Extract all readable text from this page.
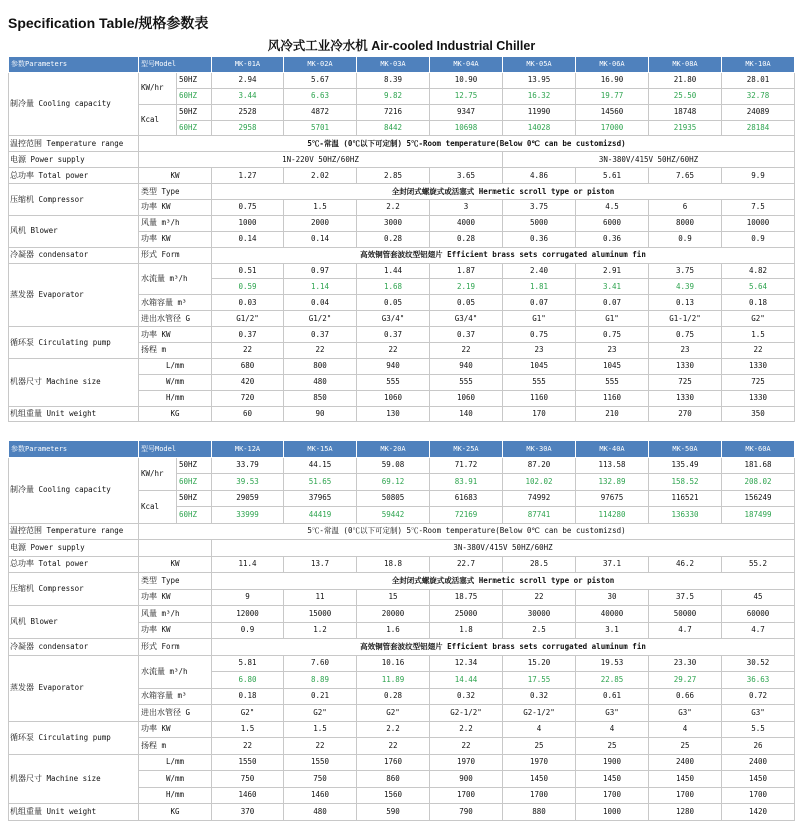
Specification Table/规格参数表
风冷式工业冷水机 Air-cooled Industrial Chiller										
参数Parameters	型号Model		MK-01A	MK-02A	MK-03A	MK-04A	MK-05A	MK-06A	MK-08A	MK-10A
制冷量 Cooling capacity	KW/hr	50HZ	2.94	5.67	8.39	10.90	13.95	16.90	21.80	28.01
		60HZ	3.44	6.63	9.82	12.75	16.32	19.77	25.50	32.78
	Kcal	50HZ	2528	4872	7216	9347	11990	14560	18748	24089
		60HZ	2958	5701	8442	10698	14028	17000	21935	28184
温控范围 Temperature range	5℃-常温 (0℃以下可定制) 5℃-Room temperature(Below 0℃ can be customizsd)									
电源 Power supply	1N-220V 50HZ/60HZ						3N-380V/415V 50HZ/60HZ			
总功率 Total power	KW		1.27	2.02	2.85	3.65	4.86	5.61	7.65	9.9
压缩机 Compressor	类型 Type		全封闭式螺旋式或活塞式 Hermetic scroll type or piston							
	功率 KW		0.75	1.5	2.2	3	3.75	4.5	6	7.5
风机 Blower	风量 m³/h		1000	2000	3000	4000	5000	6000	8000	10000
	功率 KW		0.14	0.14	0.28	0.28	0.36	0.36	0.9	0.9
冷凝器 condensator	形式 Form		高效铜管套波纹型铝翅片 Efficient brass sets corrugated aluminum fin							
蒸发器 Evaporator	水流量 m³/h		0.51	0.97	1.44	1.87	2.40	2.91	3.75	4.82
			0.59	1.14	1.68	2.19	1.81	3.41	4.39	5.64
	水箱容量 m³		0.03	0.04	0.05	0.05	0.07	0.07	0.13	0.18
	进出水管径 G		G1/2"	G1/2"	G3/4"	G3/4"	G1"	G1"	G1-1/2"	G2"
循环泵 Circulating pump	功率 KW		0.37	0.37	0.37	0.37	0.75	0.75	0.75	1.5
	扬程 m		22	22	22	22	23	23	23	22
机器尺寸 Machine size	L/mm		680	800	940	940	1045	1045	1330	1330
	W/mm		420	480	555	555	555	555	725	725
	H/mm		720	850	1060	1060	1160	1160	1330	1330
机组重量 Unit weight	KG		60	90	130	140	170	210	270	350
参数Parameters	型号Model		MK-12A	MK-15A	MK-20A	MK-25A	MK-30A	MK-40A	MK-50A	MK-60A
制冷量 Cooling capacity	KW/hr	50HZ	33.79	44.15	59.08	71.72	87.20	113.58	135.49	181.68
		60HZ	39.53	51.65	69.12	83.91	102.02	132.89	158.52	208.02
	Kcal	50HZ	29059	37965	50805	61683	74992	97675	116521	156249
		60HZ	33999	44419	59442	72169	87741	114280	136330	187499
温控范围 Temperature range	5℃-常温 (0℃以下可定制) 5℃-Room temperature(Below 0℃ can be customizsd)									
电源 Power supply			3N-380V/415V 50HZ/60HZ							
总功率 Total power	KW		11.4	13.7	18.8	22.7	28.5	37.1	46.2	55.2
压缩机 Compressor	类型 Type		全封闭式螺旋式或活塞式 Hermetic scroll type or piston							
	功率 KW		9	11	15	18.75	22	30	37.5	45
风机 Blower	风量 m³/h		12000	15000	20000	25000	30000	40000	50000	60000
	功率 KW		0.9	1.2	1.6	1.8	2.5	3.1	4.7	4.7
冷凝器 condensator	形式 Form		高效铜管套波纹型铝翅片 Efficient brass sets corrugated aluminum fin							
蒸发器 Evaporator	水流量 m³/h		5.81	7.60	10.16	12.34	15.20	19.53	23.30	30.52
			6.80	8.89	11.89	14.44	17.55	22.85	29.27	36.63
	水箱容量 m³		0.18	0.21	0.28	0.32	0.32	0.61	0.66	0.72
	进出水管径 G		G2"	G2"	G2"	G2-1/2"	G2-1/2"	G3"	G3"	G3"
循环泵 Circulating pump	功率 KW		1.5	1.5	2.2	2.2	4	4	4	5.5
	扬程 m		22	22	22	22	25	25	25	26
机器尺寸 Machine size	L/mm		1550	1550	1760	1970	1970	1900	2400	2400
	W/mm		750	750	860	900	1450	1450	1450	1450
	H/mm		1460	1460	1560	1700	1700	1700	1700	1700
机组重量 Unit weight	KG		370	480	590	790	880	1000	1280	1420
